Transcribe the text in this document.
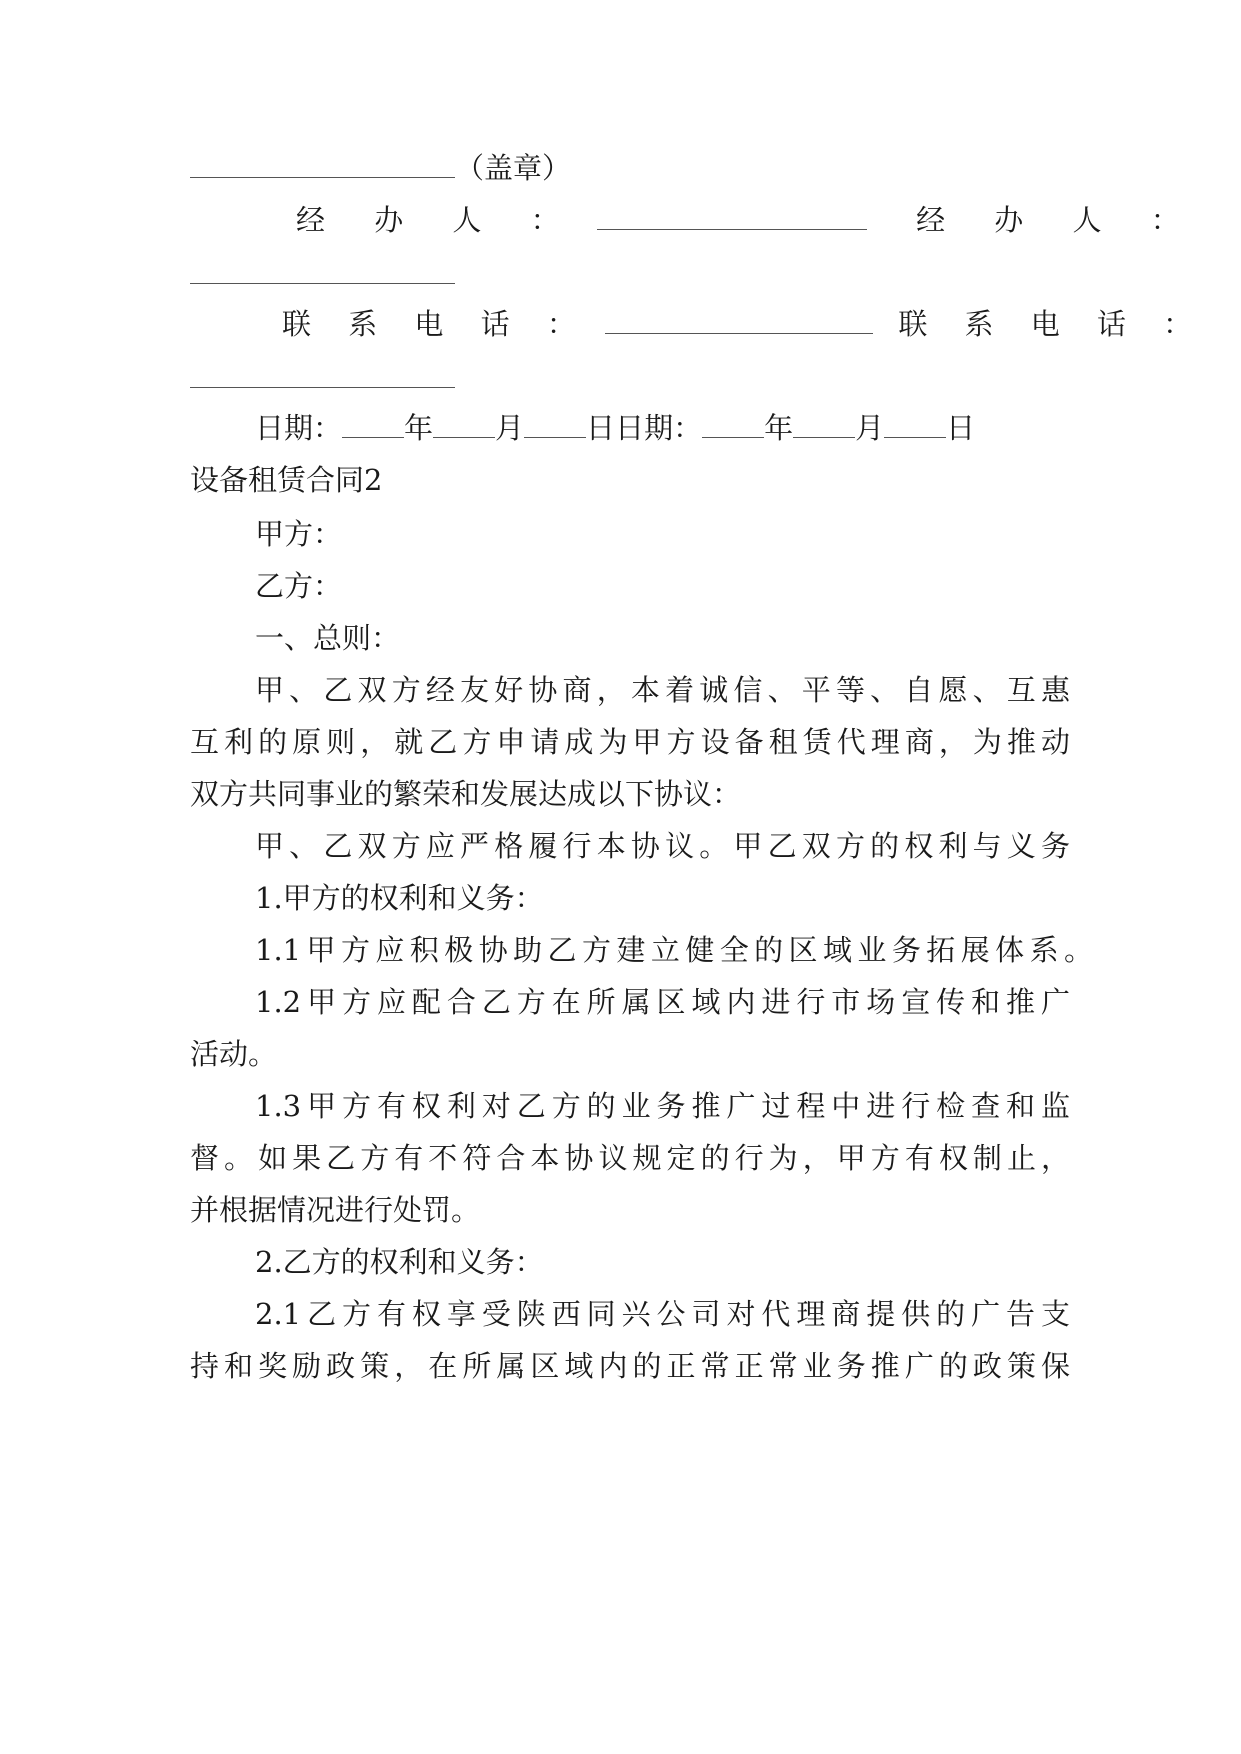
（盖章）
经 办 人 ：	经 办 人 ：
联 系 电 话 ：	联 系 电 话 ：
日期： 年 月 日日期： 年 月 日
设备租赁合同2
甲方：
乙方：
一、总则：
甲、乙双方经友好协商，本着诚信、平等、自愿、互惠
互利的原则，就乙方申请成为甲方设备租赁代理商，为推动
双方共同事业的繁荣和发展达成以下协议：
甲、乙双方应严格履行本协议。甲乙双方的权利与义务
1.甲方的权利和义务：
1.1甲方应积极协助乙方建立健全的区域业务拓展体系。
1.2甲方应配合乙方在所属区域内进行市场宣传和推广
活动。
1.3甲方有权利对乙方的业务推广过程中进行检查和监
督。如果乙方有不符合本协议规定的行为，甲方有权制止，
并根据情况进行处罚。
2.乙方的权利和义务：
2.1乙方有权享受陕西同兴公司对代理商提供的广告支
持和奖励政策，在所属区域内的正常正常业务推广的政策保
